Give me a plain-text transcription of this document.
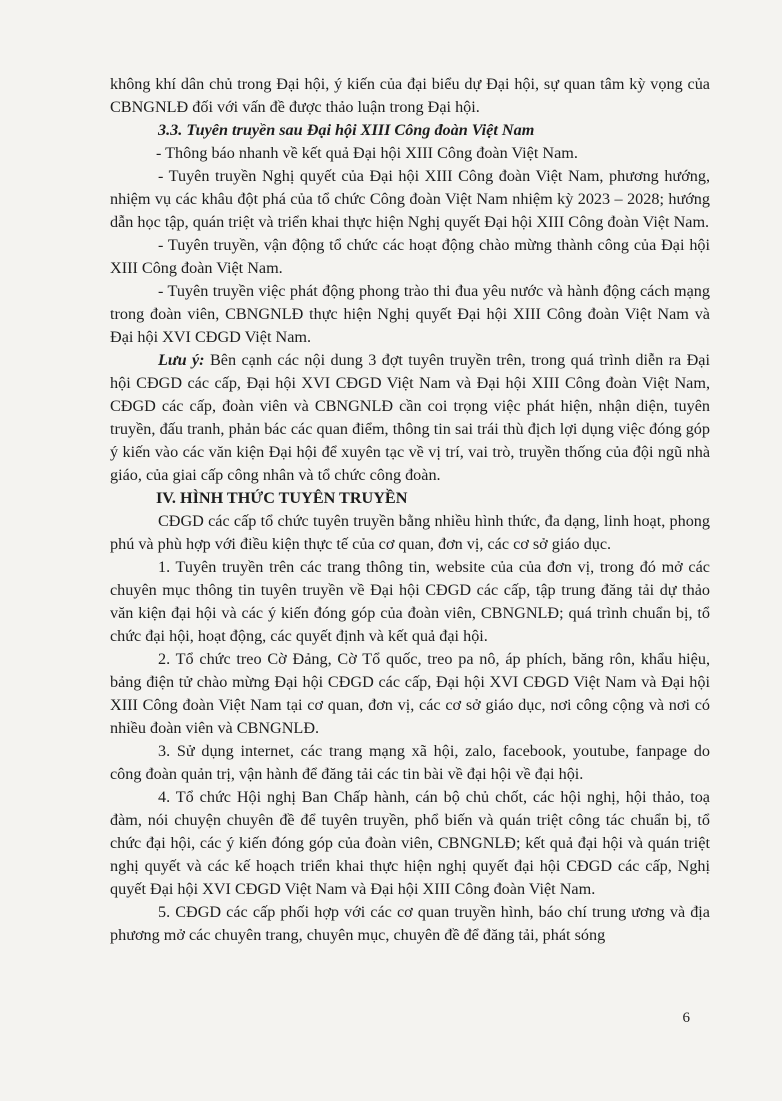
không khí dân chủ trong Đại hội, ý kiến của đại biểu dự Đại hội, sự quan tâm kỳ vọng của CBNGNLĐ đối với vấn đề được thảo luận trong Đại hội.

3.3. Tuyên truyền sau Đại hội XIII Công đoàn Việt Nam

- Thông báo nhanh về kết quả Đại hội XIII Công đoàn Việt Nam.

- Tuyên truyền Nghị quyết của Đại hội XIII Công đoàn Việt Nam, phương hướng, nhiệm vụ các khâu đột phá của tổ chức Công đoàn Việt Nam nhiệm kỳ 2023 – 2028; hướng dẫn học tập, quán triệt và triển khai thực hiện Nghị quyết Đại hội XIII Công đoàn Việt Nam.

- Tuyên truyền, vận động tổ chức các hoạt động chào mừng thành công của Đại hội XIII Công đoàn Việt Nam.

- Tuyên truyền việc phát động phong trào thi đua yêu nước và hành động cách mạng trong đoàn viên, CBNGNLĐ thực hiện Nghị quyết Đại hội XIII Công đoàn Việt Nam và Đại hội XVI CĐGD Việt Nam.

Lưu ý: Bên cạnh các nội dung 3 đợt tuyên truyền trên, trong quá trình diễn ra Đại hội CĐGD các cấp, Đại hội XVI CĐGD Việt Nam và Đại hội XIII Công đoàn Việt Nam, CĐGD các cấp, đoàn viên và CBNGNLĐ cần coi trọng việc phát hiện, nhận diện, tuyên truyền, đấu tranh, phản bác các quan điểm, thông tin sai trái thù địch lợi dụng việc đóng góp ý kiến vào các văn kiện Đại hội để xuyên tạc về vị trí, vai trò, truyền thống của đội ngũ nhà giáo, của giai cấp công nhân và tổ chức công đoàn.

IV. HÌNH THỨC TUYÊN TRUYỀN

CĐGD các cấp tổ chức tuyên truyền bằng nhiều hình thức, đa dạng, linh hoạt, phong phú và phù hợp với điều kiện thực tế của cơ quan, đơn vị, các cơ sở giáo dục.

1. Tuyên truyền trên các trang thông tin, website của của đơn vị, trong đó mở các chuyên mục thông tin tuyên truyền về Đại hội CĐGD các cấp, tập trung đăng tải dự thảo văn kiện đại hội và các ý kiến đóng góp của đoàn viên, CBNGNLĐ; quá trình chuẩn bị, tổ chức đại hội, hoạt động, các quyết định và kết quả đại hội.

2. Tổ chức treo Cờ Đảng, Cờ Tổ quốc, treo pa nô, áp phích, băng rôn, khẩu hiệu, bảng điện tử chào mừng Đại hội CĐGD các cấp, Đại hội XVI CĐGD Việt Nam và Đại hội XIII Công đoàn Việt Nam tại cơ quan, đơn vị, các cơ sở giáo dục, nơi công cộng và nơi có nhiều đoàn viên và CBNGNLĐ.

3. Sử dụng internet, các trang mạng xã hội, zalo, facebook, youtube, fanpage do công đoàn quản trị, vận hành để đăng tải các tin bài về đại hội về đại hội.

4. Tổ chức Hội nghị Ban Chấp hành, cán bộ chủ chốt, các hội nghị, hội thảo, toạ đàm, nói chuyện chuyên đề để tuyên truyền, phổ biến và quán triệt công tác chuẩn bị, tổ chức đại hội, các ý kiến đóng góp của đoàn viên, CBNGNLĐ; kết quả đại hội và quán triệt nghị quyết và các kế hoạch triển khai thực hiện nghị quyết đại hội CĐGD các cấp, Nghị quyết Đại hội XVI CĐGD Việt Nam và Đại hội XIII Công đoàn Việt Nam.

5. CĐGD các cấp phối hợp với các cơ quan truyền hình, báo chí trung ương và địa phương mở các chuyên trang, chuyên mục, chuyên đề để đăng tải, phát sóng

6
